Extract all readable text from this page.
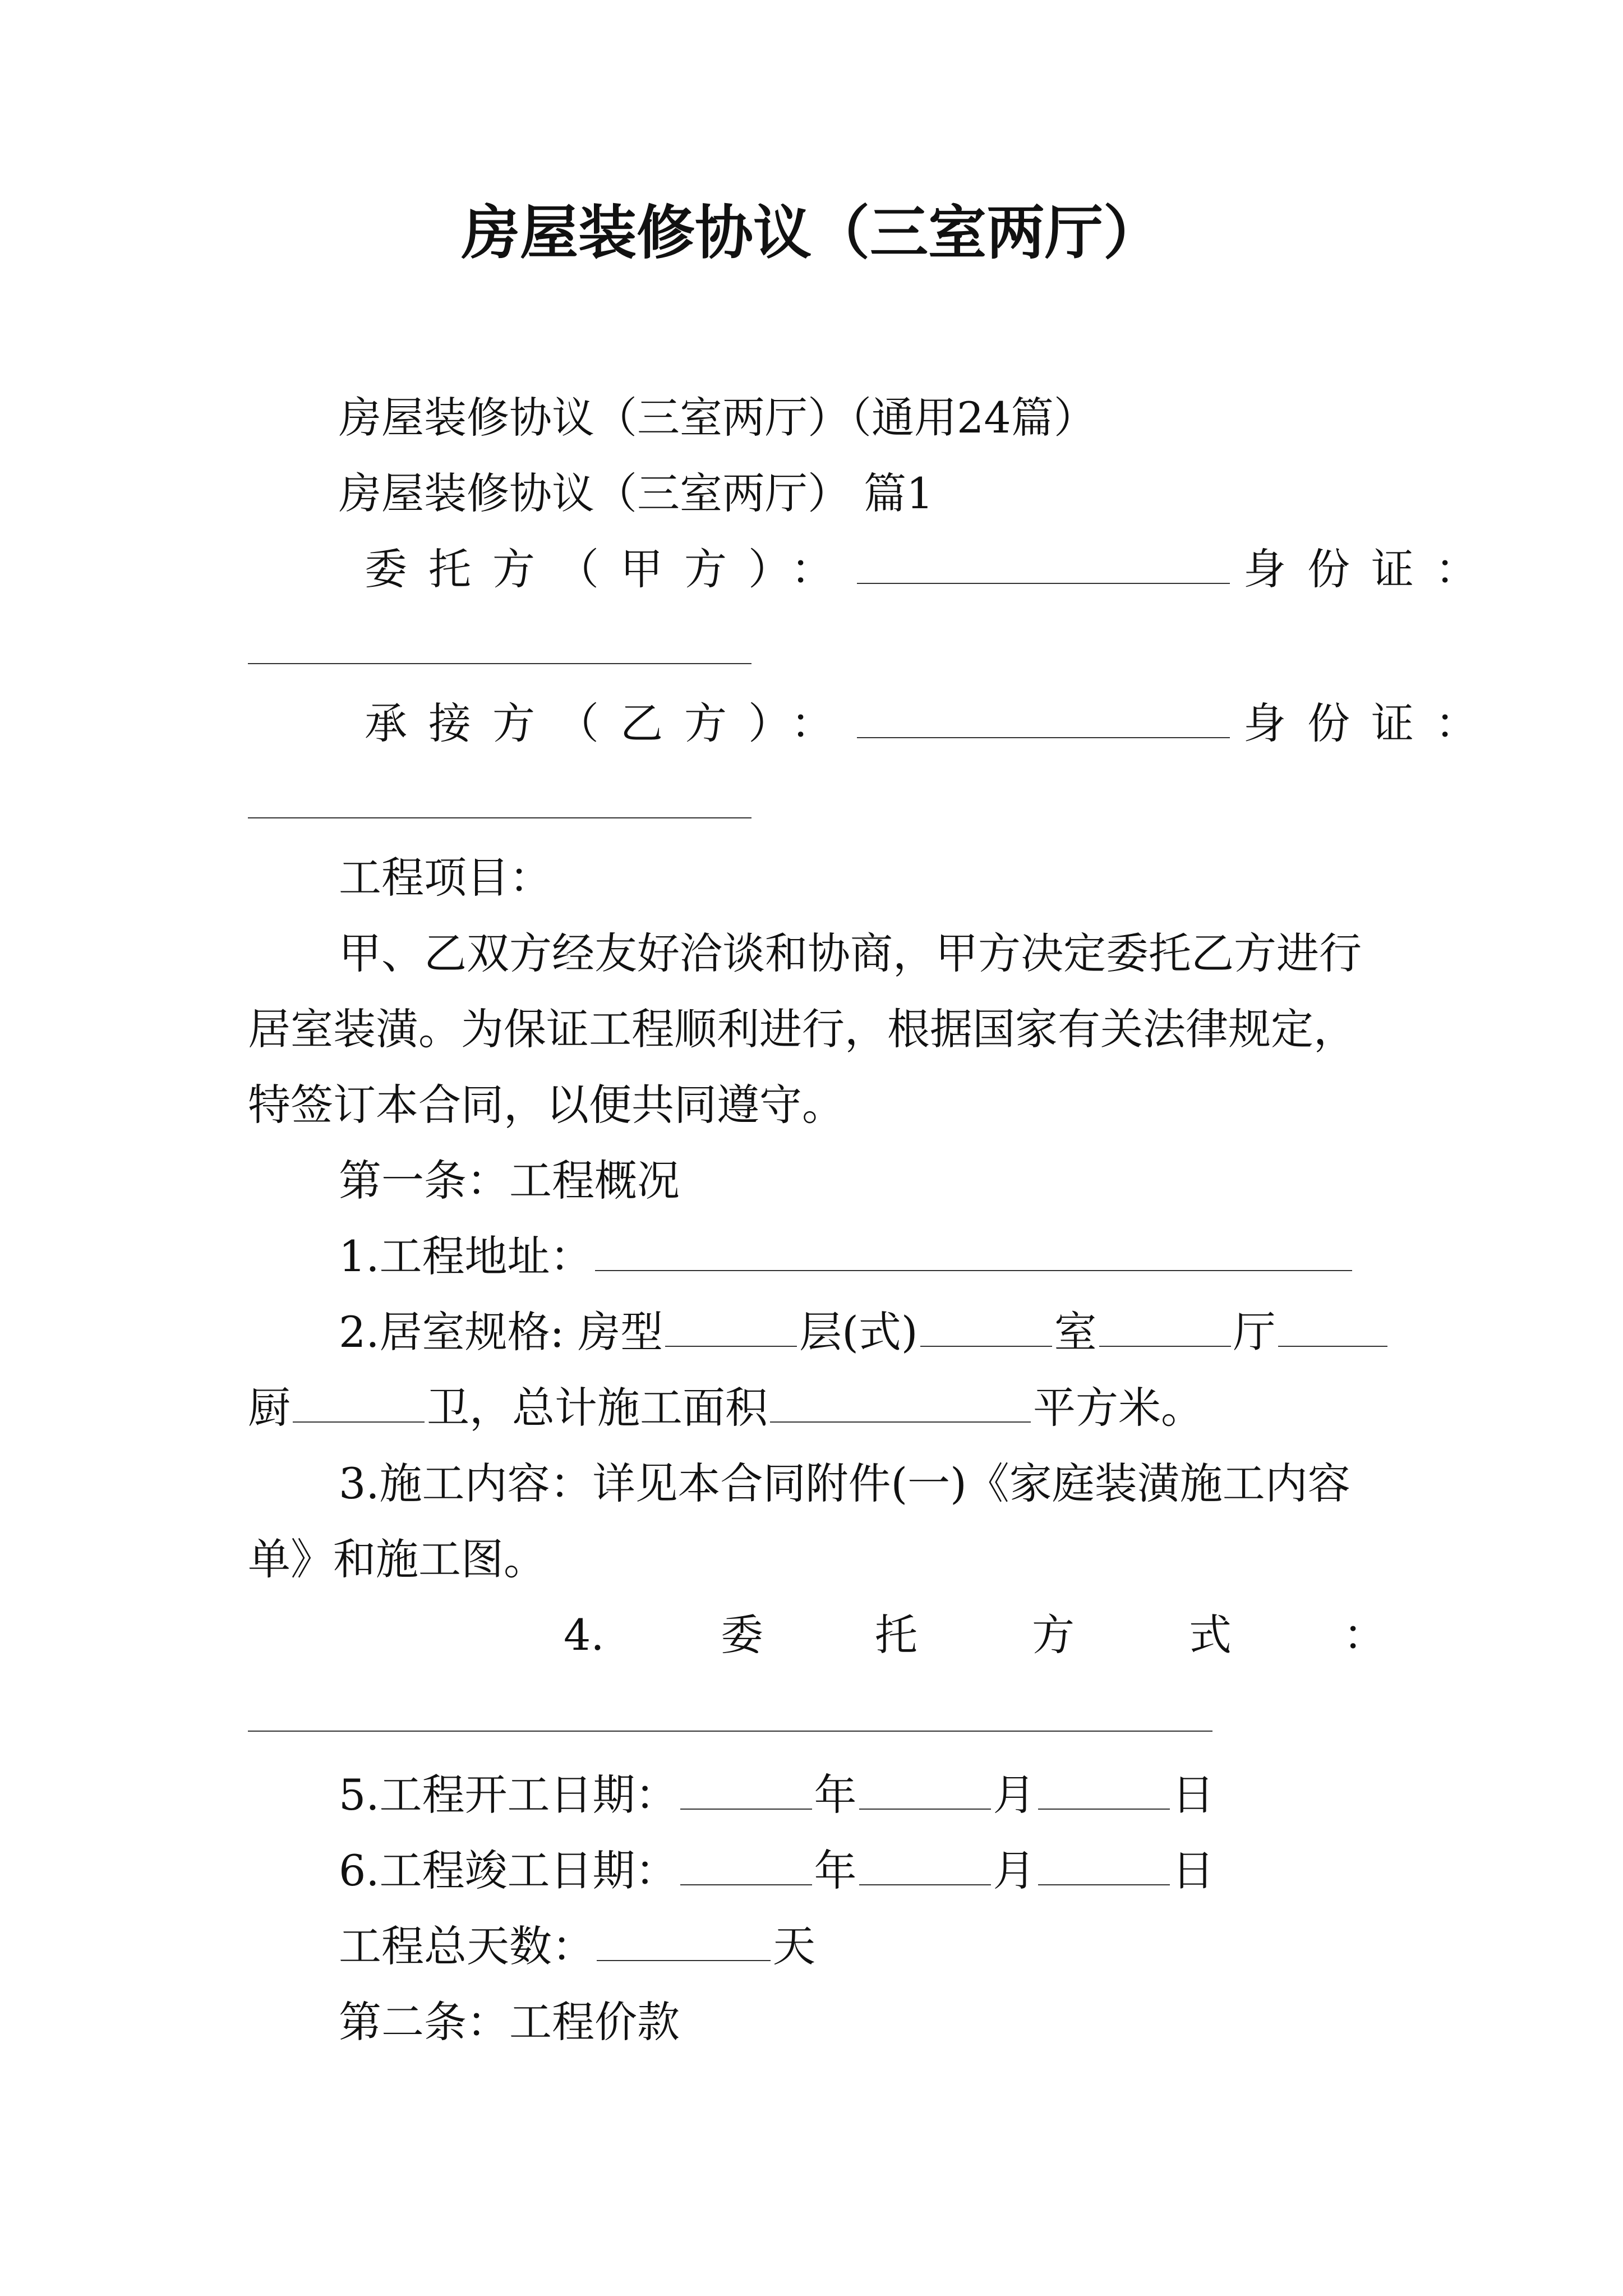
房屋装修协议（三室两厅）
房屋装修协议（三室两厅）（通用24篇）
房屋装修协议（三室两厅） 篇1
委托方（甲方）：	身份证：
承接方（乙方）：	身份证：
工程项目：
甲、乙双方经友好洽谈和协商，甲方决定委托乙方进行
居室装潢。为保证工程顺利进行，根据国家有关法律规定，
特签订本合同，以便共同遵守。
第一条：工程概况
1.工程地址：
2.居室规格: 房型	层(式)	室	厅
厨	卫，总计施工面积	平方米。
3.施工内容：详见本合同附件(一)《家庭装潢施工内容
单》和施工图。
4.	委	托	方	式	：
5.工程开工日期：	年	月	日
6.工程竣工日期：	年	月	日
工程总天数：	天
第二条：工程价款
